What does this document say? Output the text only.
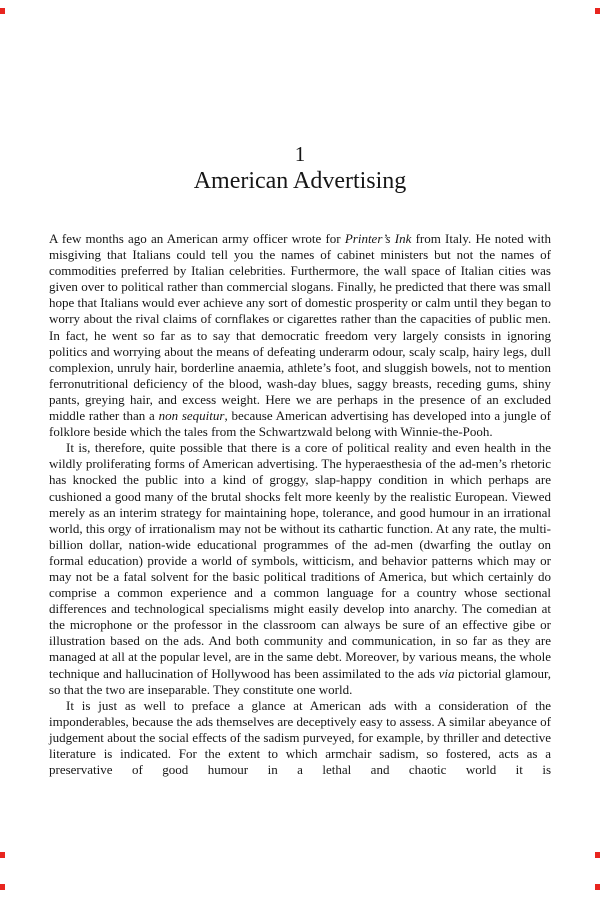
1
American Advertising

A few months ago an American army officer wrote for Printer’s Ink from Italy. He noted with misgiving that Italians could tell you the names of cabinet ministers but not the names of commodities preferred by Italian celebrities. Furthermore, the wall space of Italian cities was given over to political rather than commercial slogans. Finally, he predicted that there was small hope that Italians would ever achieve any sort of domestic prosperity or calm until they began to worry about the rival claims of cornflakes or cigarettes rather than the capacities of public men. In fact, he went so far as to say that democratic freedom very largely consists in ignoring politics and worrying about the means of defeating underarm odour, scaly scalp, hairy legs, dull complexion, unruly hair, borderline anaemia, athlete’s foot, and sluggish bowels, not to mention ferronutritional deficiency of the blood, wash-day blues, saggy breasts, receding gums, shiny pants, greying hair, and excess weight. Here we are perhaps in the presence of an excluded middle rather than a non sequitur, because American advertising has developed into a jungle of folklore beside which the tales from the Schwartzwald belong with Winnie-the-Pooh.

It is, therefore, quite possible that there is a core of political reality and even health in the wildly proliferating forms of American advertising. The hyperaesthesia of the ad-men’s rhetoric has knocked the public into a kind of groggy, slap-happy condition in which perhaps are cushioned a good many of the brutal shocks felt more keenly by the realistic European. Viewed merely as an interim strategy for maintaining hope, tolerance, and good humour in an irrational world, this orgy of irrationalism may not be without its cathartic function. At any rate, the multi-billion dollar, nation-wide educational programmes of the ad-men (dwarfing the outlay on formal education) provide a world of symbols, witticism, and behavior patterns which may or may not be a fatal solvent for the basic political traditions of America, but which certainly do comprise a common experience and a common language for a country whose sectional differences and technological specialisms might easily develop into anarchy. The comedian at the microphone or the professor in the classroom can always be sure of an effective gibe or illustration based on the ads. And both community and communication, in so far as they are managed at all at the popular level, are in the same debt. Moreover, by various means, the whole technique and hallucination of Hollywood has been assimilated to the ads via pictorial glamour, so that the two are inseparable. They constitute one world.

It is just as well to preface a glance at American ads with a consideration of the imponderables, because the ads themselves are deceptively easy to assess. A similar abeyance of judgement about the social effects of the sadism purveyed, for example, by thriller and detective literature is indicated. For the extent to which armchair sadism, so fostered, acts as a preservative of good humour in a lethal and chaotic world it is
